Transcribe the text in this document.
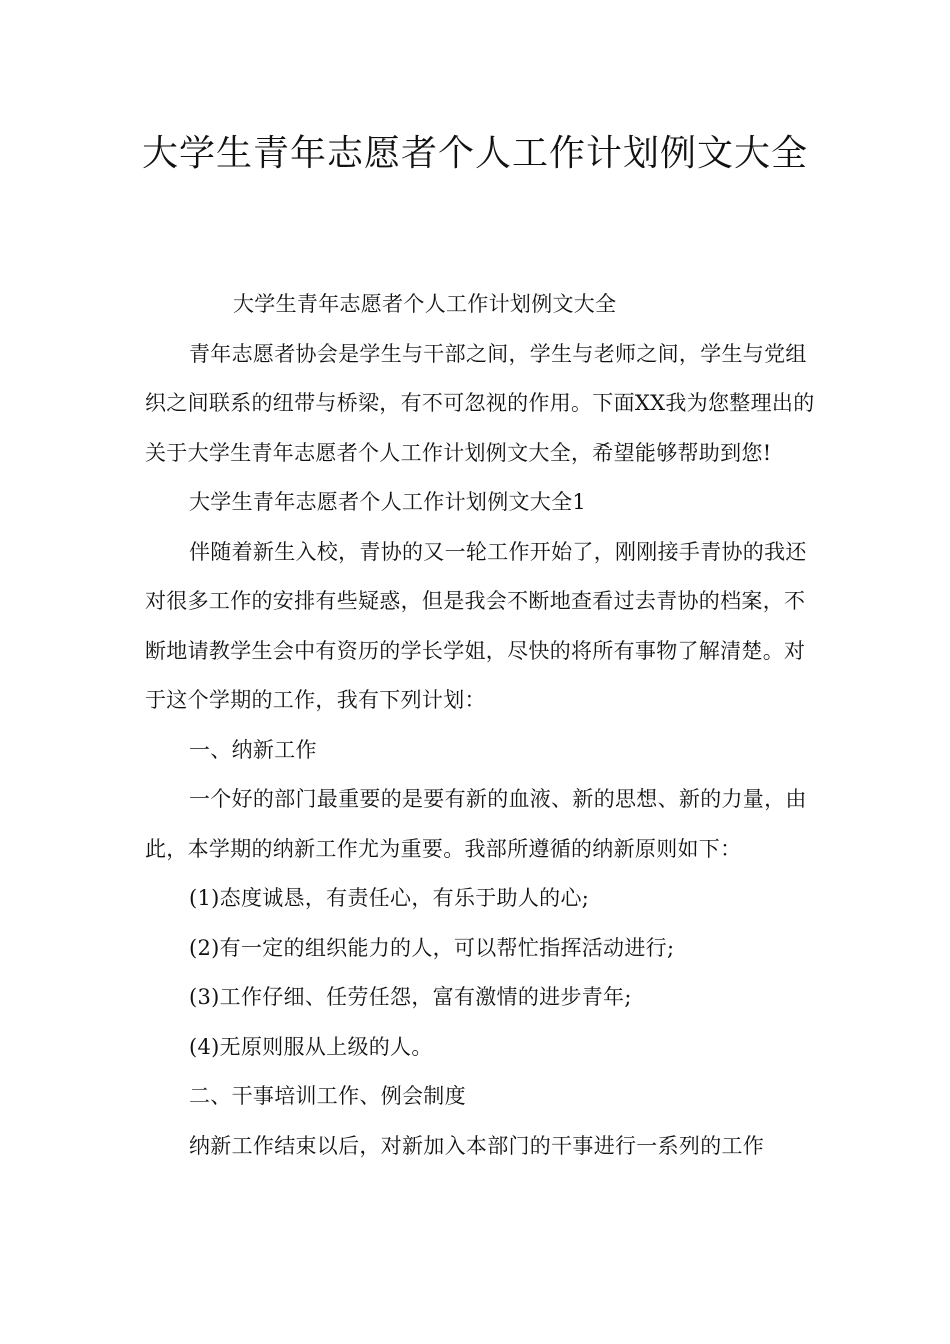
大学生青年志愿者个人工作计划例文大全

大学生青年志愿者个人工作计划例文大全

青年志愿者协会是学生与干部之间，学生与老师之间，学生与党组织之间联系的纽带与桥梁，有不可忽视的作用。下面XX我为您整理出的关于大学生青年志愿者个人工作计划例文大全，希望能够帮助到您!

大学生青年志愿者个人工作计划例文大全1

伴随着新生入校，青协的又一轮工作开始了，刚刚接手青协的我还对很多工作的安排有些疑惑，但是我会不断地查看过去青协的档案，不断地请教学生会中有资历的学长学姐，尽快的将所有事物了解清楚。对于这个学期的工作，我有下列计划：

一、纳新工作

一个好的部门最重要的是要有新的血液、新的思想、新的力量，由此，本学期的纳新工作尤为重要。我部所遵循的纳新原则如下：

(1)态度诚恳，有责任心，有乐于助人的心;

(2)有一定的组织能力的人，可以帮忙指挥活动进行;

(3)工作仔细、任劳任怨，富有激情的进步青年;

(4)无原则服从上级的人。

二、干事培训工作、例会制度

纳新工作结束以后，对新加入本部门的干事进行一系列的工作
